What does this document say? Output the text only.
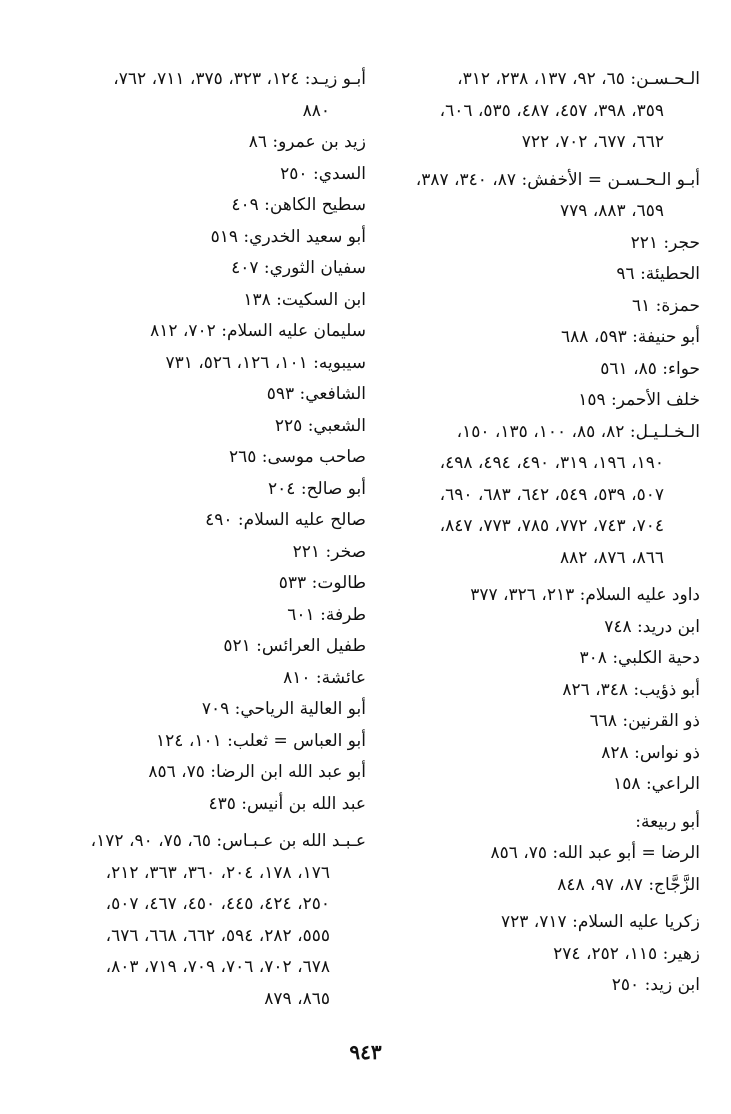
الـحـسـن: ٦٥، ٩٢، ١٣٧، ٢٣٨، ٣١٢،
٣٥٩، ٣٩٨، ٤٥٧، ٤٨٧، ٥٣٥، ٦٠٦،
٦٦٢، ٦٧٧، ٧٠٢، ٧٢٢
أبـو الـحـسـن = الأخفش: ٨٧، ٣٤٠، ٣٨٧،
٦٥٩، ٨٨٣، ٧٧٩
حجر: ٢٢١
الحطيئة: ٩٦
حمزة: ٦١
أبو حنيفة: ٥٩٣، ٦٨٨
حواء: ٨٥، ٥٦١
خلف الأحمر: ١٥٩
الـخـلـيـل: ٨٢، ٨٥، ١٠٠، ١٣٥، ١٥٠،
١٩٠، ١٩٦، ٣١٩، ٤٩٠، ٤٩٤، ٤٩٨،
٥٠٧، ٥٣٩، ٥٤٩، ٦٤٢، ٦٨٣، ٦٩٠،
٧٠٤، ٧٤٣، ٧٧٢، ٧٨٥، ٧٧٣، ٨٤٧،
٨٦٦، ٨٧٦، ٨٨٢
داود عليه السلام: ٢١٣، ٣٢٦، ٣٧٧
ابن دريد: ٧٤٨
دحية الكلبي: ٣٠٨
أبو ذؤيب: ٣٤٨، ٨٢٦
ذو القرنين: ٦٦٨
ذو نواس: ٨٢٨
الراعي: ١٥٨
أبو ربيعة:
الرضا = أبو عبد الله: ٧٥، ٨٥٦
الزَّجَّاج: ٨٧، ٩٧، ٨٤٨
زكريا عليه السلام: ٧١٧، ٧٢٣
زهير: ١١٥، ٢٥٢، ٢٧٤
ابن زيد: ٢٥٠
أبـو زيـد: ١٢٤، ٣٢٣، ٣٧٥، ٧١١، ٧٦٢،
٨٨٠
زيد بن عمرو: ٨٦
السدي: ٢٥٠
سطيح الكاهن: ٤٠٩
أبو سعيد الخدري: ٥١٩
سفيان الثوري: ٤٠٧
ابن السكيت: ١٣٨
سليمان عليه السلام: ٧٠٢، ٨١٢
سيبويه: ١٠١، ١٢٦، ٥٢٦، ٧٣١
الشافعي: ٥٩٣
الشعبي: ٢٢٥
صاحب موسى: ٢٦٥
أبو صالح: ٢٠٤
صالح عليه السلام: ٤٩٠
صخر: ٢٢١
طالوت: ٥٣٣
طرفة: ٦٠١
طفيل العرائس: ٥٢١
عائشة: ٨١٠
أبو العالية الرياحي: ٧٠٩
أبو العباس = ثعلب: ١٠١، ١٢٤
أبو عبد الله ابن الرضا: ٧٥، ٨٥٦
عبد الله بن أنيس: ٤٣٥
عـبـد الله بن عـبـاس: ٦٥، ٧٥، ٩٠، ١٧٢،
١٧٦، ١٧٨، ٢٠٤، ٣٦٠، ٣٦٣، ٢١٢،
٢٥٠، ٤٢٤، ٤٤٥، ٤٥٠، ٤٦٧، ٥٠٧،
٥٥٥، ٢٨٢، ٥٩٤، ٦٦٢، ٦٦٨، ٦٧٦،
٦٧٨، ٧٠٢، ٧٠٦، ٧٠٩، ٧١٩، ٨٠٣،
٨٦٥، ٨٧٩
٩٤٣
